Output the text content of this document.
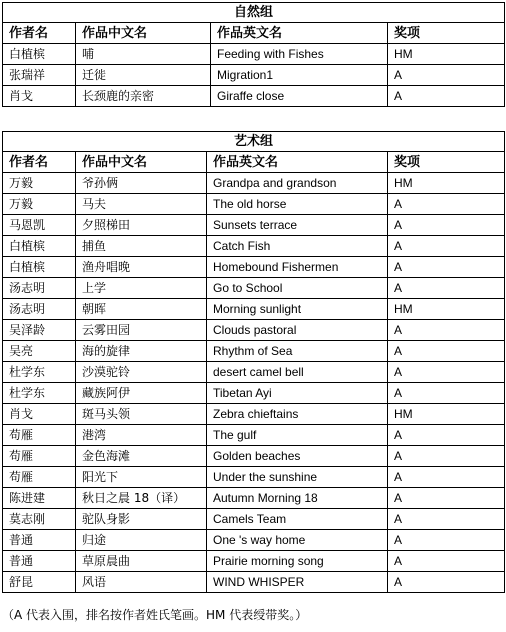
自然组			
作者名	作品中文名	作品英文名	奖项
白植槟	哺	Feeding with Fishes	HM
张瑞祥	迁徙	Migration1	A
肖戈	长颈鹿的亲密	Giraffe close	A
艺术组			
作者名	作品中文名	作品英文名	奖项
万毅	爷孙俩	Grandpa and grandson	HM
万毅	马夫	The old horse	A
马恩凯	夕照梯田	Sunsets terrace	A
白植槟	捕鱼	Catch Fish	A
白植槟	渔舟唱晚	Homebound Fishermen	A
汤志明	上学	Go to School	A
汤志明	朝晖	Morning sunlight	HM
吴泽龄	云雾田园	Clouds pastoral	A
吴亮	海的旋律	Rhythm of Sea	A
杜学东	沙漠驼铃	desert camel bell	A
杜学东	藏族阿伊	Tibetan Ayi	A
肖戈	斑马头领	Zebra chieftains	HM
苟雁	港湾	The gulf	A
苟雁	金色海滩	Golden beaches	A
苟雁	阳光下	Under the sunshine	A
陈进建	秋日之晨 18（译）	Autumn Morning 18	A
莫志刚	驼队身影	Camels Team	A
普通	归途	One 's way home	A
普通	草原晨曲	Prairie morning song	A
舒昆	风语	WIND WHISPER	A
（A 代表入围，排名按作者姓氏笔画。HM 代表绶带奖。）
